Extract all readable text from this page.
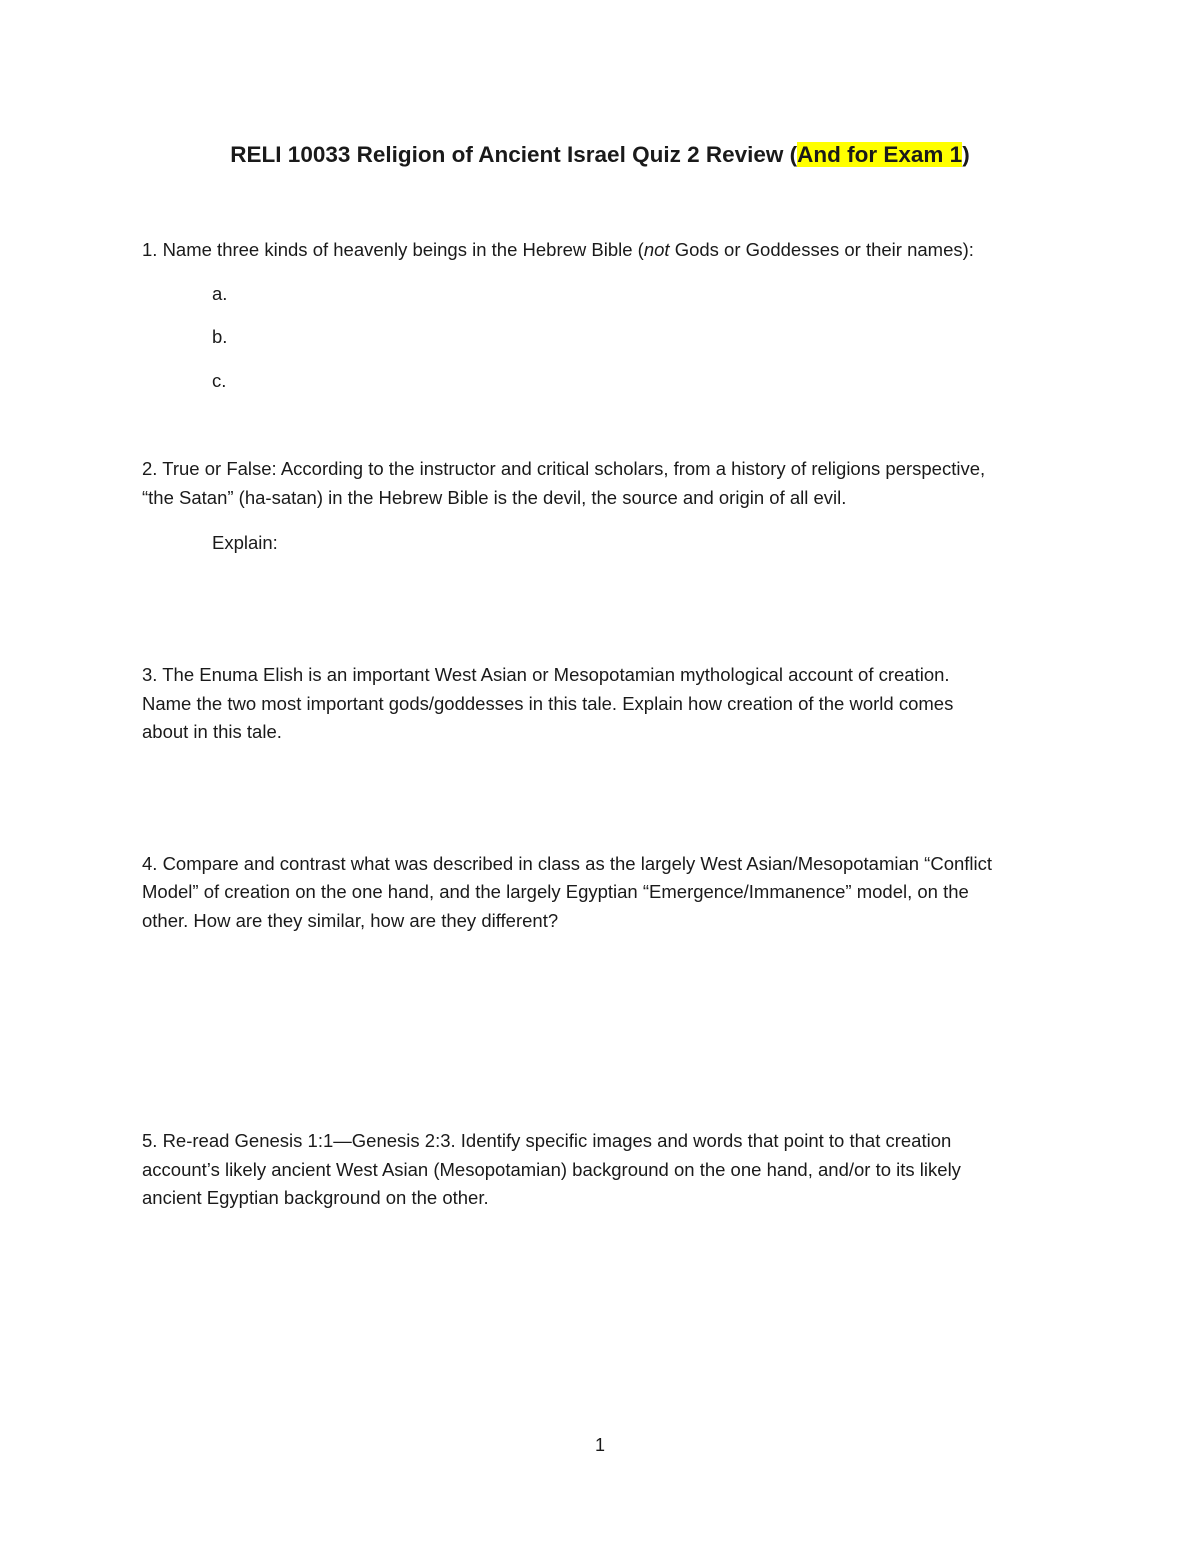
RELI 10033 Religion of Ancient Israel Quiz 2 Review (And for Exam 1)
1. Name three kinds of heavenly beings in the Hebrew Bible (not Gods or Goddesses or their names):
a.
b.
c.
2. True or False: According to the instructor and critical scholars, from a history of religions perspective,
“the Satan” (ha-satan) in the Hebrew Bible is the devil, the source and origin of all evil.
Explain:
3. The Enuma Elish is an important West Asian or Mesopotamian mythological account of creation.
Name the two most important gods/goddesses in this tale. Explain how creation of the world comes
about in this tale.
4. Compare and contrast what was described in class as the largely West Asian/Mesopotamian “Conflict
Model” of creation on the one hand, and the largely Egyptian “Emergence/Immanence” model, on the
other. How are they similar, how are they different?
5. Re-read Genesis 1:1—Genesis 2:3. Identify specific images and words that point to that creation
account’s likely ancient West Asian (Mesopotamian) background on the one hand, and/or to its likely
ancient Egyptian background on the other.
1
